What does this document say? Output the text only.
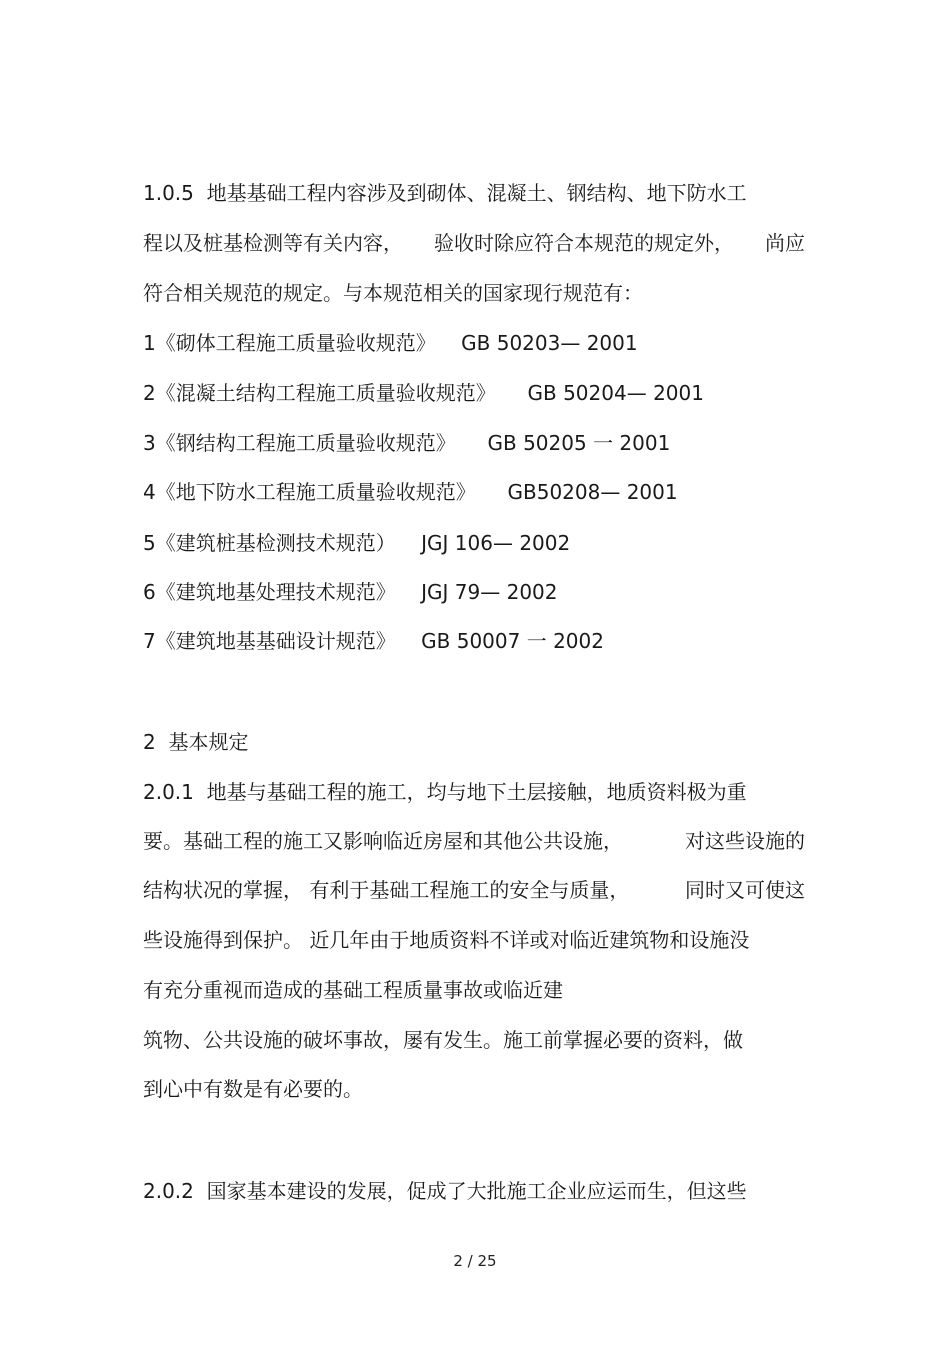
1.0.5  地基基础工程内容涉及到砌体、混凝土、钢结构、地下防水工
程以及桩基检测等有关内容， 验收时除应符合本规范的规定外， 尚应
符合相关规范的规定。与本规范相关的国家现行规范有：
1《砌体工程施工质量验收规范》    GB 50203— 2001
2《混凝土结构工程施工质量验收规范》     GB 50204— 2001
3《钢结构工程施工质量验收规范》     GB 50205 一 2001
4《地下防水工程施工质量验收规范》     GB50208— 2001
5《建筑桩基检测技术规范）    JGJ 106— 2002
6《建筑地基处理技术规范》    JGJ 79— 2002
7《建筑地基基础设计规范》    GB 50007 一 2002
2  基本规定
2.0.1  地基与基础工程的施工，均与地下土层接触，地质资料极为重
要。基础工程的施工又影响临近房屋和其他公共设施，	对这些设施的
结构状况的掌握， 有利于基础工程施工的安全与质量，	同时又可使这
些设施得到保护。 近几年由于地质资料不详或对临近建筑物和设施没
有充分重视而造成的基础工程质量事故或临近建
筑物、公共设施的破坏事故，屡有发生。施工前掌握必要的资料，做
到心中有数是有必要的。
2.0.2  国家基本建设的发展，促成了大批施工企业应运而生，但这些
2 / 25
